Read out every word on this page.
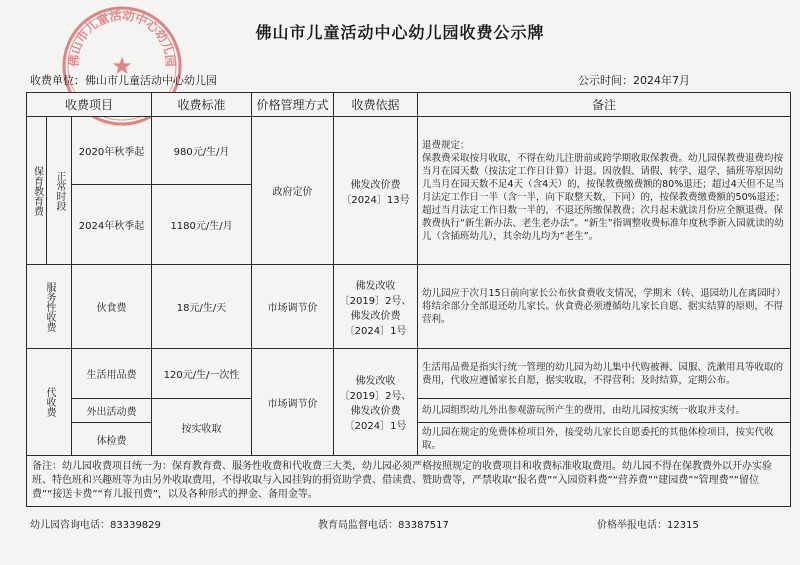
佛山市儿童活动中心幼儿园
★
佛山市儿童活动中心幼儿园收费公示牌
收费单位：佛山市儿童活动中心幼儿园	公示时间：2024年7月
收费项目			收费标准	价格管理方式	收费依据	备注
保育教育费	正常时段	2020年秋季起	980元/生/月	政府定价	佛发改价费〔2024〕13号	退费规定：

保教费采取按月收取，不得在幼儿注册前或跨学期收取保教费。幼儿园保教费退费均按当月在园天数（按法定工作日计算）计退。因放假、请假、转学、退学、插班等原因幼儿当月在园天数不足4天（含4天）的，按保教费缴费额的80%退还；超过4天但不足当月法定工作日一半（含一半，向下取整天数，下同）的，按保教费缴费额的50%退还；超过当月法定工作日数一半的，不退还所缴保教费；次月起未就读月份应全额退费。保教费执行“新生新办法、老生老办法”。“新生”指调整收费标准年度秋季新入园就读的幼儿（含插班幼儿），其余幼儿均为“老生”。

		2024年秋季起	1180元/生/月			
服务性收费		伙食费	18元/生/天	市场调节价	佛发改收〔2019〕2号、佛发改价费〔2024〕1号	幼儿园应于次月15日前向家长公布伙食费收支情况，学期末（转、退园幼儿在离园时）将结余部分全部退还幼儿家长。伙食费必须遵循幼儿家长自愿、据实结算的原则，不得营利。
代收费		生活用品费	120元/生/一次性	市场调节价	佛发改收〔2019〕2号、佛发改价费〔2024〕1号	生活用品费是指实行统一管理的幼儿园为幼儿集中代购被褥、园服、洗漱用具等收取的费用，代收应遵循家长自愿，据实收取，不得营利；及时结算，定期公布。
		外出活动费	按实收取			幼儿园组织幼儿外出参观游玩所产生的费用，由幼儿园按实统一收取并支付。
		体检费				幼儿园在规定的免费体检项目外，接受幼儿家长自愿委托的其他体检项目，按实代收取。
备注：幼儿园收费项目统一为：保育教育费、服务性收费和代收费三大类，幼儿园必须严格按照规定的收费项目和收费标准收取费用。幼儿园不得在保教费外以开办实验班、特色班和兴趣班等为由另外收取费用，不得收取与入园挂钩的捐资助学费、借读费、赞助费等，严禁收取“报名费”“入园资料费”“营养费”“建园费”“管理费”“留位费”“接送卡费”“育儿报刊费”，以及各种形式的押金、备用金等。						
幼儿园咨询电话：83339829	教育局监督电话：83387517	价格举报电话：12315
